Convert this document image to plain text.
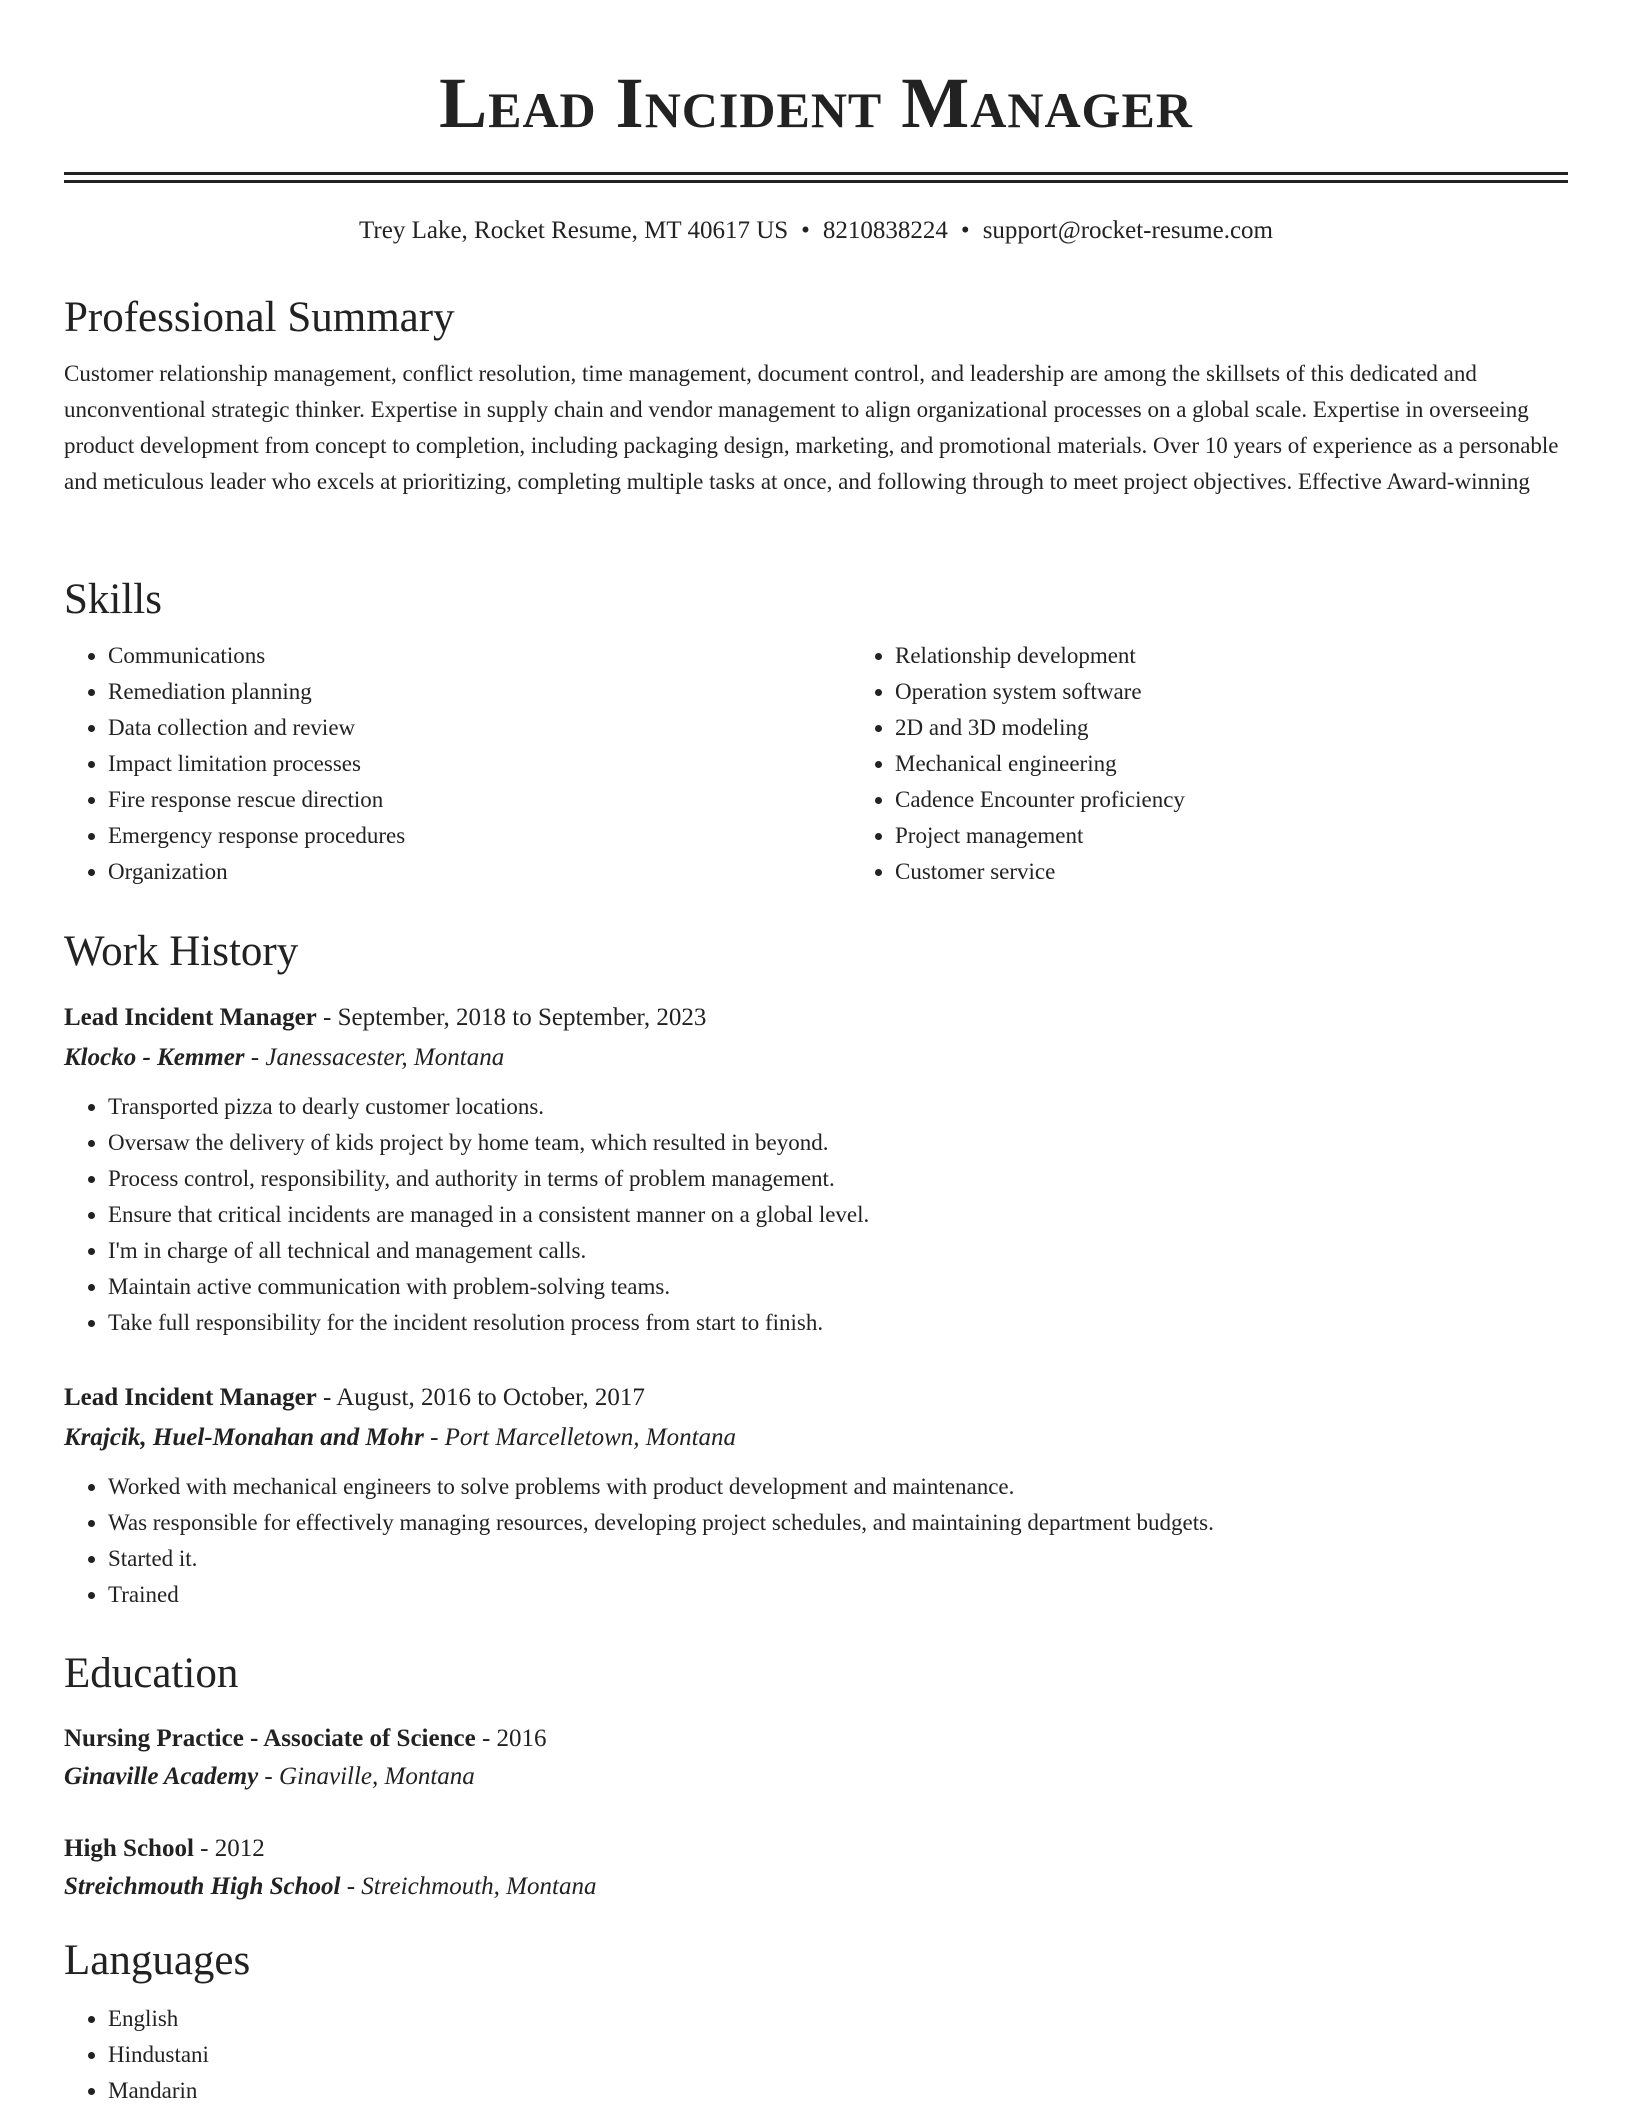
Lead Incident Manager
Trey Lake, Rocket Resume, MT 40617 US • 8210838224 • support@rocket-resume.com
Professional Summary

Customer relationship management, conflict resolution, time management, document control, and leadership are among the skillsets of this dedicated and unconventional strategic thinker. Expertise in supply chain and vendor management to align organizational processes on a global scale. Expertise in overseeing product development from concept to completion, including packaging design, marketing, and promotional materials. Over 10 years of experience as a personable and meticulous leader who excels at prioritizing, completing multiple tasks at once, and following through to meet project objectives. Effective Award-winning

Skills
• Communications
• Remediation planning
• Data collection and review
• Impact limitation processes
• Fire response rescue direction
• Emergency response procedures
• Organization
• Relationship development
• Operation system software
• 2D and 3D modeling
• Mechanical engineering
• Cadence Encounter proficiency
• Project management
• Customer service
Work History

Lead Incident Manager - September, 2018 to September, 2023

Klocko - Kemmer - Janessacester, Montana

• Transported pizza to dearly customer locations.
• Oversaw the delivery of kids project by home team, which resulted in beyond.
• Process control, responsibility, and authority in terms of problem management.
• Ensure that critical incidents are managed in a consistent manner on a global level.
• I'm in charge of all technical and management calls.
• Maintain active communication with problem-solving teams.
• Take full responsibility for the incident resolution process from start to finish.

Lead Incident Manager - August, 2016 to October, 2017

Krajcik, Huel-Monahan and Mohr - Port Marcelletown, Montana

• Worked with mechanical engineers to solve problems with product development and maintenance.
• Was responsible for effectively managing resources, developing project schedules, and maintaining department budgets.
• Started it.
• Trained
Education

Nursing Practice - Associate of Science - 2016

Ginaville Academy - Ginaville, Montana

High School - 2012

Streichmouth High School - Streichmouth, Montana

Languages
• English
• Hindustani
• Mandarin
